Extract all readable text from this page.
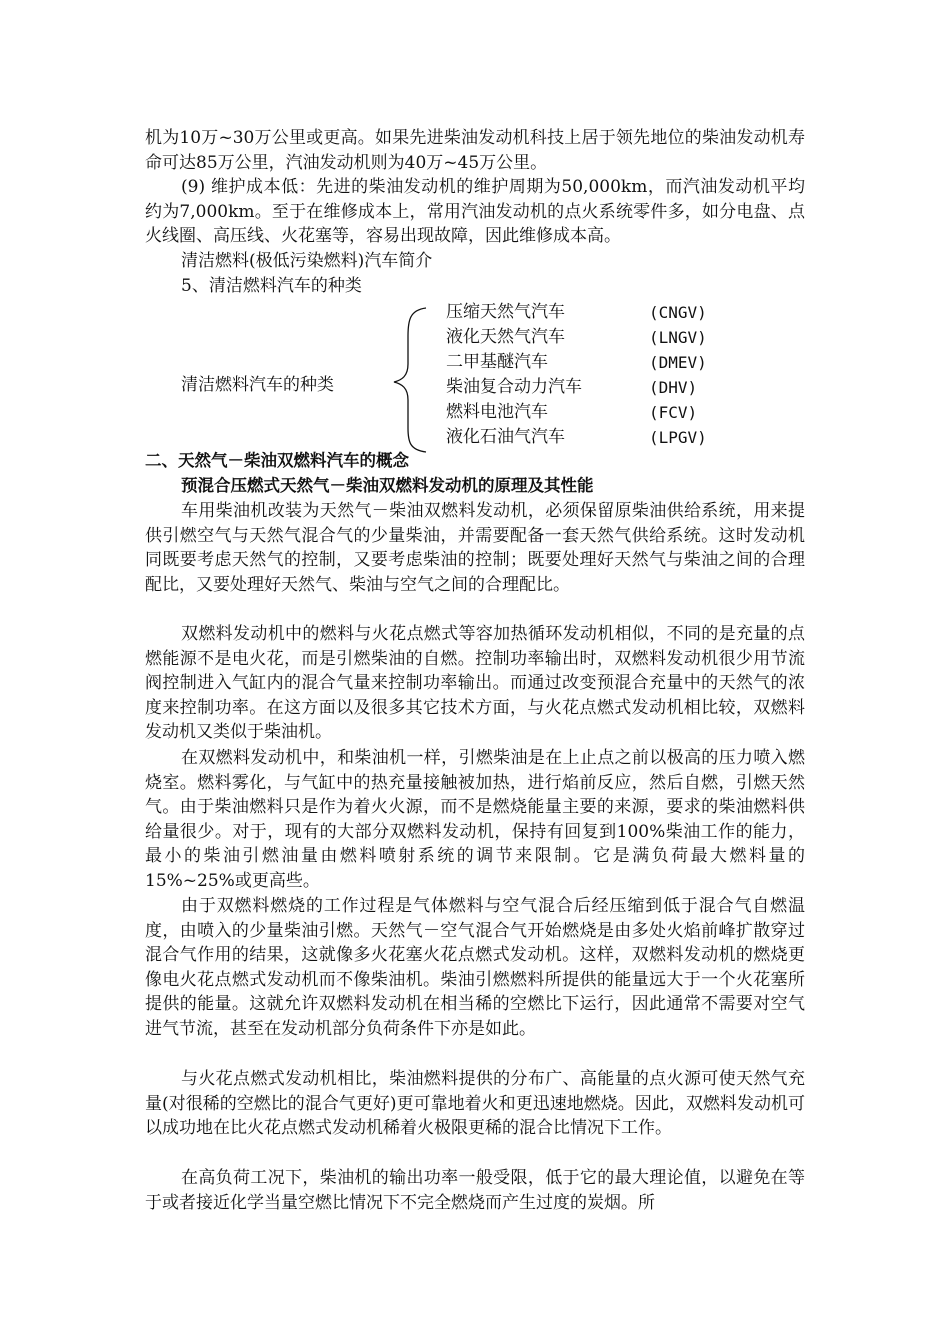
机为10万~30万公里或更高。如果先进柴油发动机科技上居于领先地位的柴油发动机寿命可达85万公里，汽油发动机则为40万~45万公里。
(9) 维护成本低：先进的柴油发动机的维护周期为50,000km，而汽油发动机平均约为7,000km。至于在维修成本上，常用汽油发动机的点火系统零件多，如分电盘、点火线圈、高压线、火花塞等，容易出现故障，因此维修成本高。
清洁燃料(极低污染燃料)汽车简介
5、清洁燃料汽车的种类
清洁燃料汽车的种类
压缩天然气汽车	(CNGV)
液化天然气汽车	(LNGV)
二甲基醚汽车	(DMEV)
柴油复合动力汽车	(DHV)
燃料电池汽车	(FCV)
液化石油气汽车	(LPGV)
二、天然气－柴油双燃料汽车的概念
预混合压燃式天然气－柴油双燃料发动机的原理及其性能
车用柴油机改装为天然气－柴油双燃料发动机，必须保留原柴油供给系统，用来提供引燃空气与天然气混合气的少量柴油，并需要配备一套天然气供给系统。这时发动机同既要考虑天然气的控制，又要考虑柴油的控制；既要处理好天然气与柴油之间的合理配比，又要处理好天然气、柴油与空气之间的合理配比。
双燃料发动机中的燃料与火花点燃式等容加热循环发动机相似，不同的是充量的点燃能源不是电火花，而是引燃柴油的自燃。控制功率输出时，双燃料发动机很少用节流阀控制进入气缸内的混合气量来控制功率输出。而通过改变预混合充量中的天然气的浓度来控制功率。在这方面以及很多其它技术方面，与火花点燃式发动机相比较，双燃料发动机又类似于柴油机。
在双燃料发动机中，和柴油机一样，引燃柴油是在上止点之前以极高的压力喷入燃烧室。燃料雾化，与气缸中的热充量接触被加热，进行焰前反应，然后自燃，引燃天然气。由于柴油燃料只是作为着火火源，而不是燃烧能量主要的来源，要求的柴油燃料供给量很少。对于，现有的大部分双燃料发动机，保持有回复到100%柴油工作的能力，最小的柴油引燃油量由燃料喷射系统的调节来限制。它是满负荷最大燃料量的15%~25%或更高些。
由于双燃料燃烧的工作过程是气体燃料与空气混合后经压缩到低于混合气自燃温度，由喷入的少量柴油引燃。天然气－空气混合气开始燃烧是由多处火焰前峰扩散穿过混合气作用的结果，这就像多火花塞火花点燃式发动机。这样，双燃料发动机的燃烧更像电火花点燃式发动机而不像柴油机。柴油引燃燃料所提供的能量远大于一个火花塞所提供的能量。这就允许双燃料发动机在相当稀的空燃比下运行，因此通常不需要对空气进气节流，甚至在发动机部分负荷条件下亦是如此。
与火花点燃式发动机相比，柴油燃料提供的分布广、高能量的点火源可使天然气充量(对很稀的空燃比的混合气更好)更可靠地着火和更迅速地燃烧。因此，双燃料发动机可以成功地在比火花点燃式发动机稀着火极限更稀的混合比情况下工作。
在高负荷工况下，柴油机的输出功率一般受限，低于它的最大理论值，以避免在等于或者接近化学当量空燃比情况下不完全燃烧而产生过度的炭烟。所
